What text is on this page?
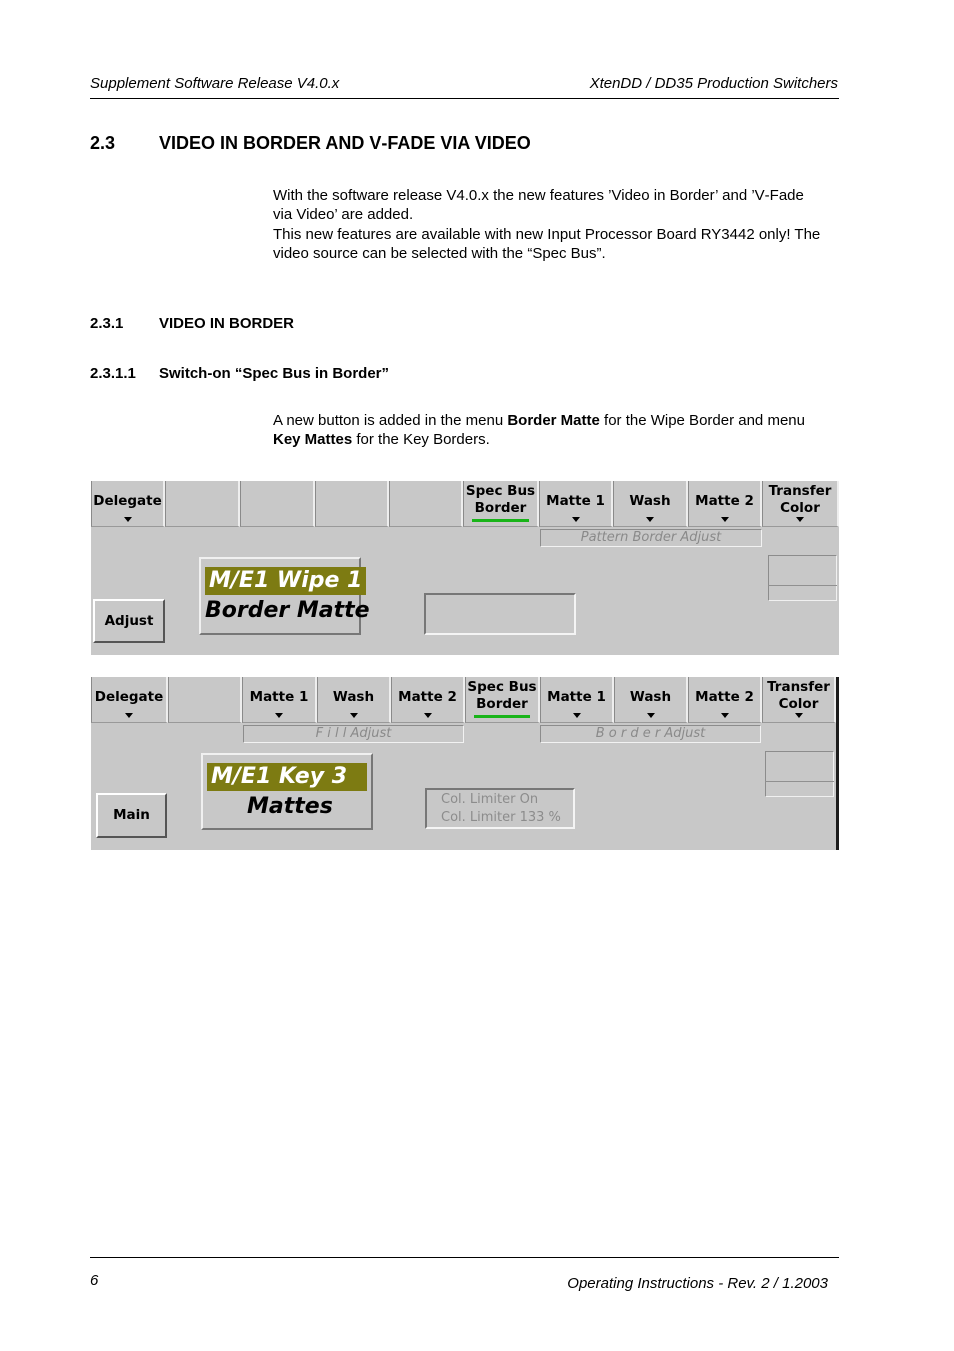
Supplement Software Release V4.0.x	XtenDD / DD35 Production Switchers
2.3 VIDEO IN BORDER AND V‑FADE VIA VIDEO
With the software release V4.0.x the new features ’Video in Border’ and ’V‑Fade
via Video’ are added.
This new features are available with new Input Processor Board RY3442 only! The
video source can be selected with the “Spec Bus”.
2.3.1 VIDEO IN BORDER
2.3.1.1 Switch‑on “Spec Bus in Border”
A new button is added in the menu Border Matte for the Wipe Border and menu
Key Mattes for the Key Borders.
Delegate
Spec Bus
Border	Matte 1	Wash	Matte 2
Transfer
Color
Pattern Border Adjust
Adjust
M/E1 Wipe 1
Border Matte
Delegate	Matte 1	Wash	Matte 2
Spec Bus
Border	Matte 1	Wash	Matte 2
Transfer
Color
F i l l Adjust	B o r d e r Adjust
Main
M/E1 Key 3
Mattes	Col. Limiter On
Col. Limiter 133 %
6	Operating Instructions ‑ Rev. 2 / 1.2003
